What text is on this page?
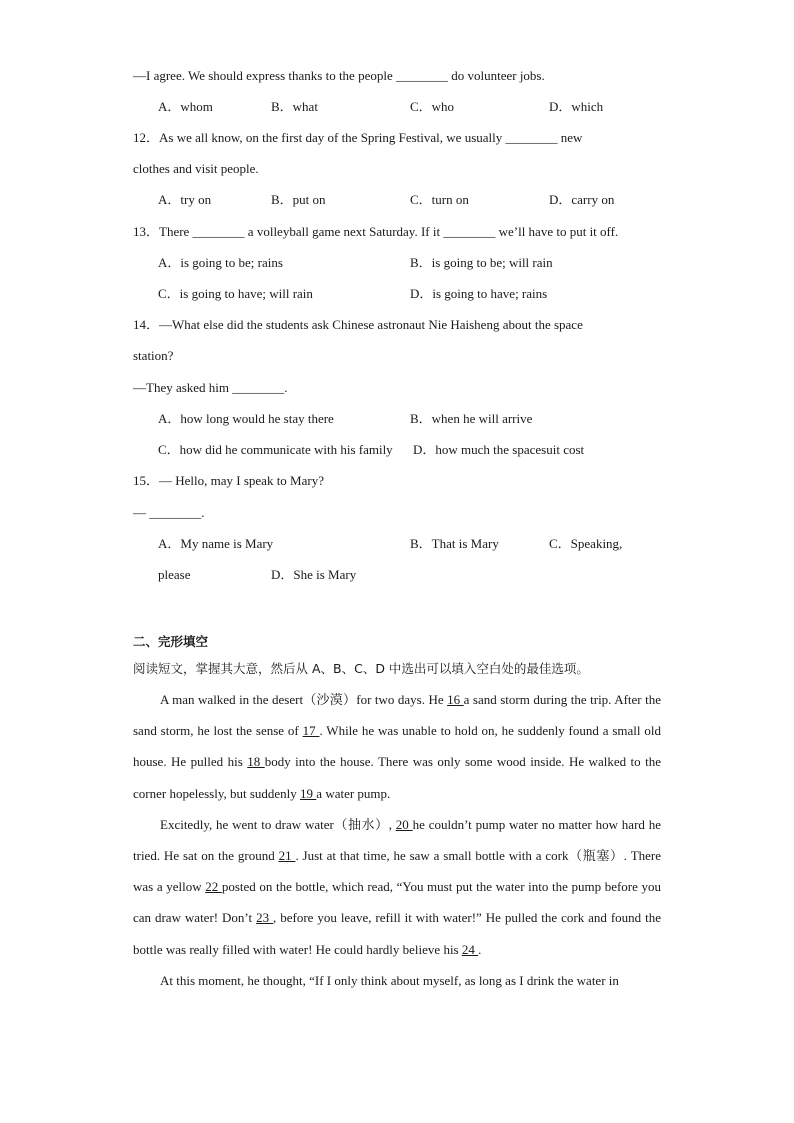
—I agree. We should express thanks to the people ________ do volunteer jobs.
A．whom	B．what	C．who	D．which
12．As we all know, on the first day of the Spring Festival, we usually ________ new
clothes and visit people.
A．try on	B．put on	C．turn on	D．carry on
13．There ________ a volleyball game next Saturday. If it ________ we’ll have to put it off.
A．is going to be; rains	B．is going to be; will rain
C．is going to have; will rain	D．is going to have; rains
14．—What else did the students ask Chinese astronaut Nie Haisheng about the space
station?
—They asked him ________.
A．how long would he stay there	B．when he will arrive
C．how did he communicate with his family D．how much the spacesuit cost
15．— Hello, may I speak to Mary?
— ________.
A．My name is Mary	B．That is Mary	C．Speaking,
please	D．She is Mary
二、完形填空
阅读短文，掌握其大意，然后从 A、B、C、D 中选出可以填入空白处的最佳选项。

A man walked in the desert（沙漠）for two days. He 16 a sand storm during the trip. After the sand storm, he lost the sense of 17 . While he was unable to hold on, he suddenly found a small old house. He pulled his 18 body into the house. There was only some wood inside. He walked to the corner hopelessly, but suddenly 19 a water pump.

Excitedly, he went to draw water（抽水）, 20 he couldn’t pump water no matter how hard he tried. He sat on the ground 21 . Just at that time, he saw a small bottle with a cork（瓶塞）. There was a yellow 22 posted on the bottle, which read, “You must put the water into the pump before you can draw water! Don’t 23 , before you leave, refill it with water!” He pulled the cork and found the bottle was really filled with water! He could hardly believe his 24 .

At this moment, he thought, “If I only think about myself, as long as I drink the water in
